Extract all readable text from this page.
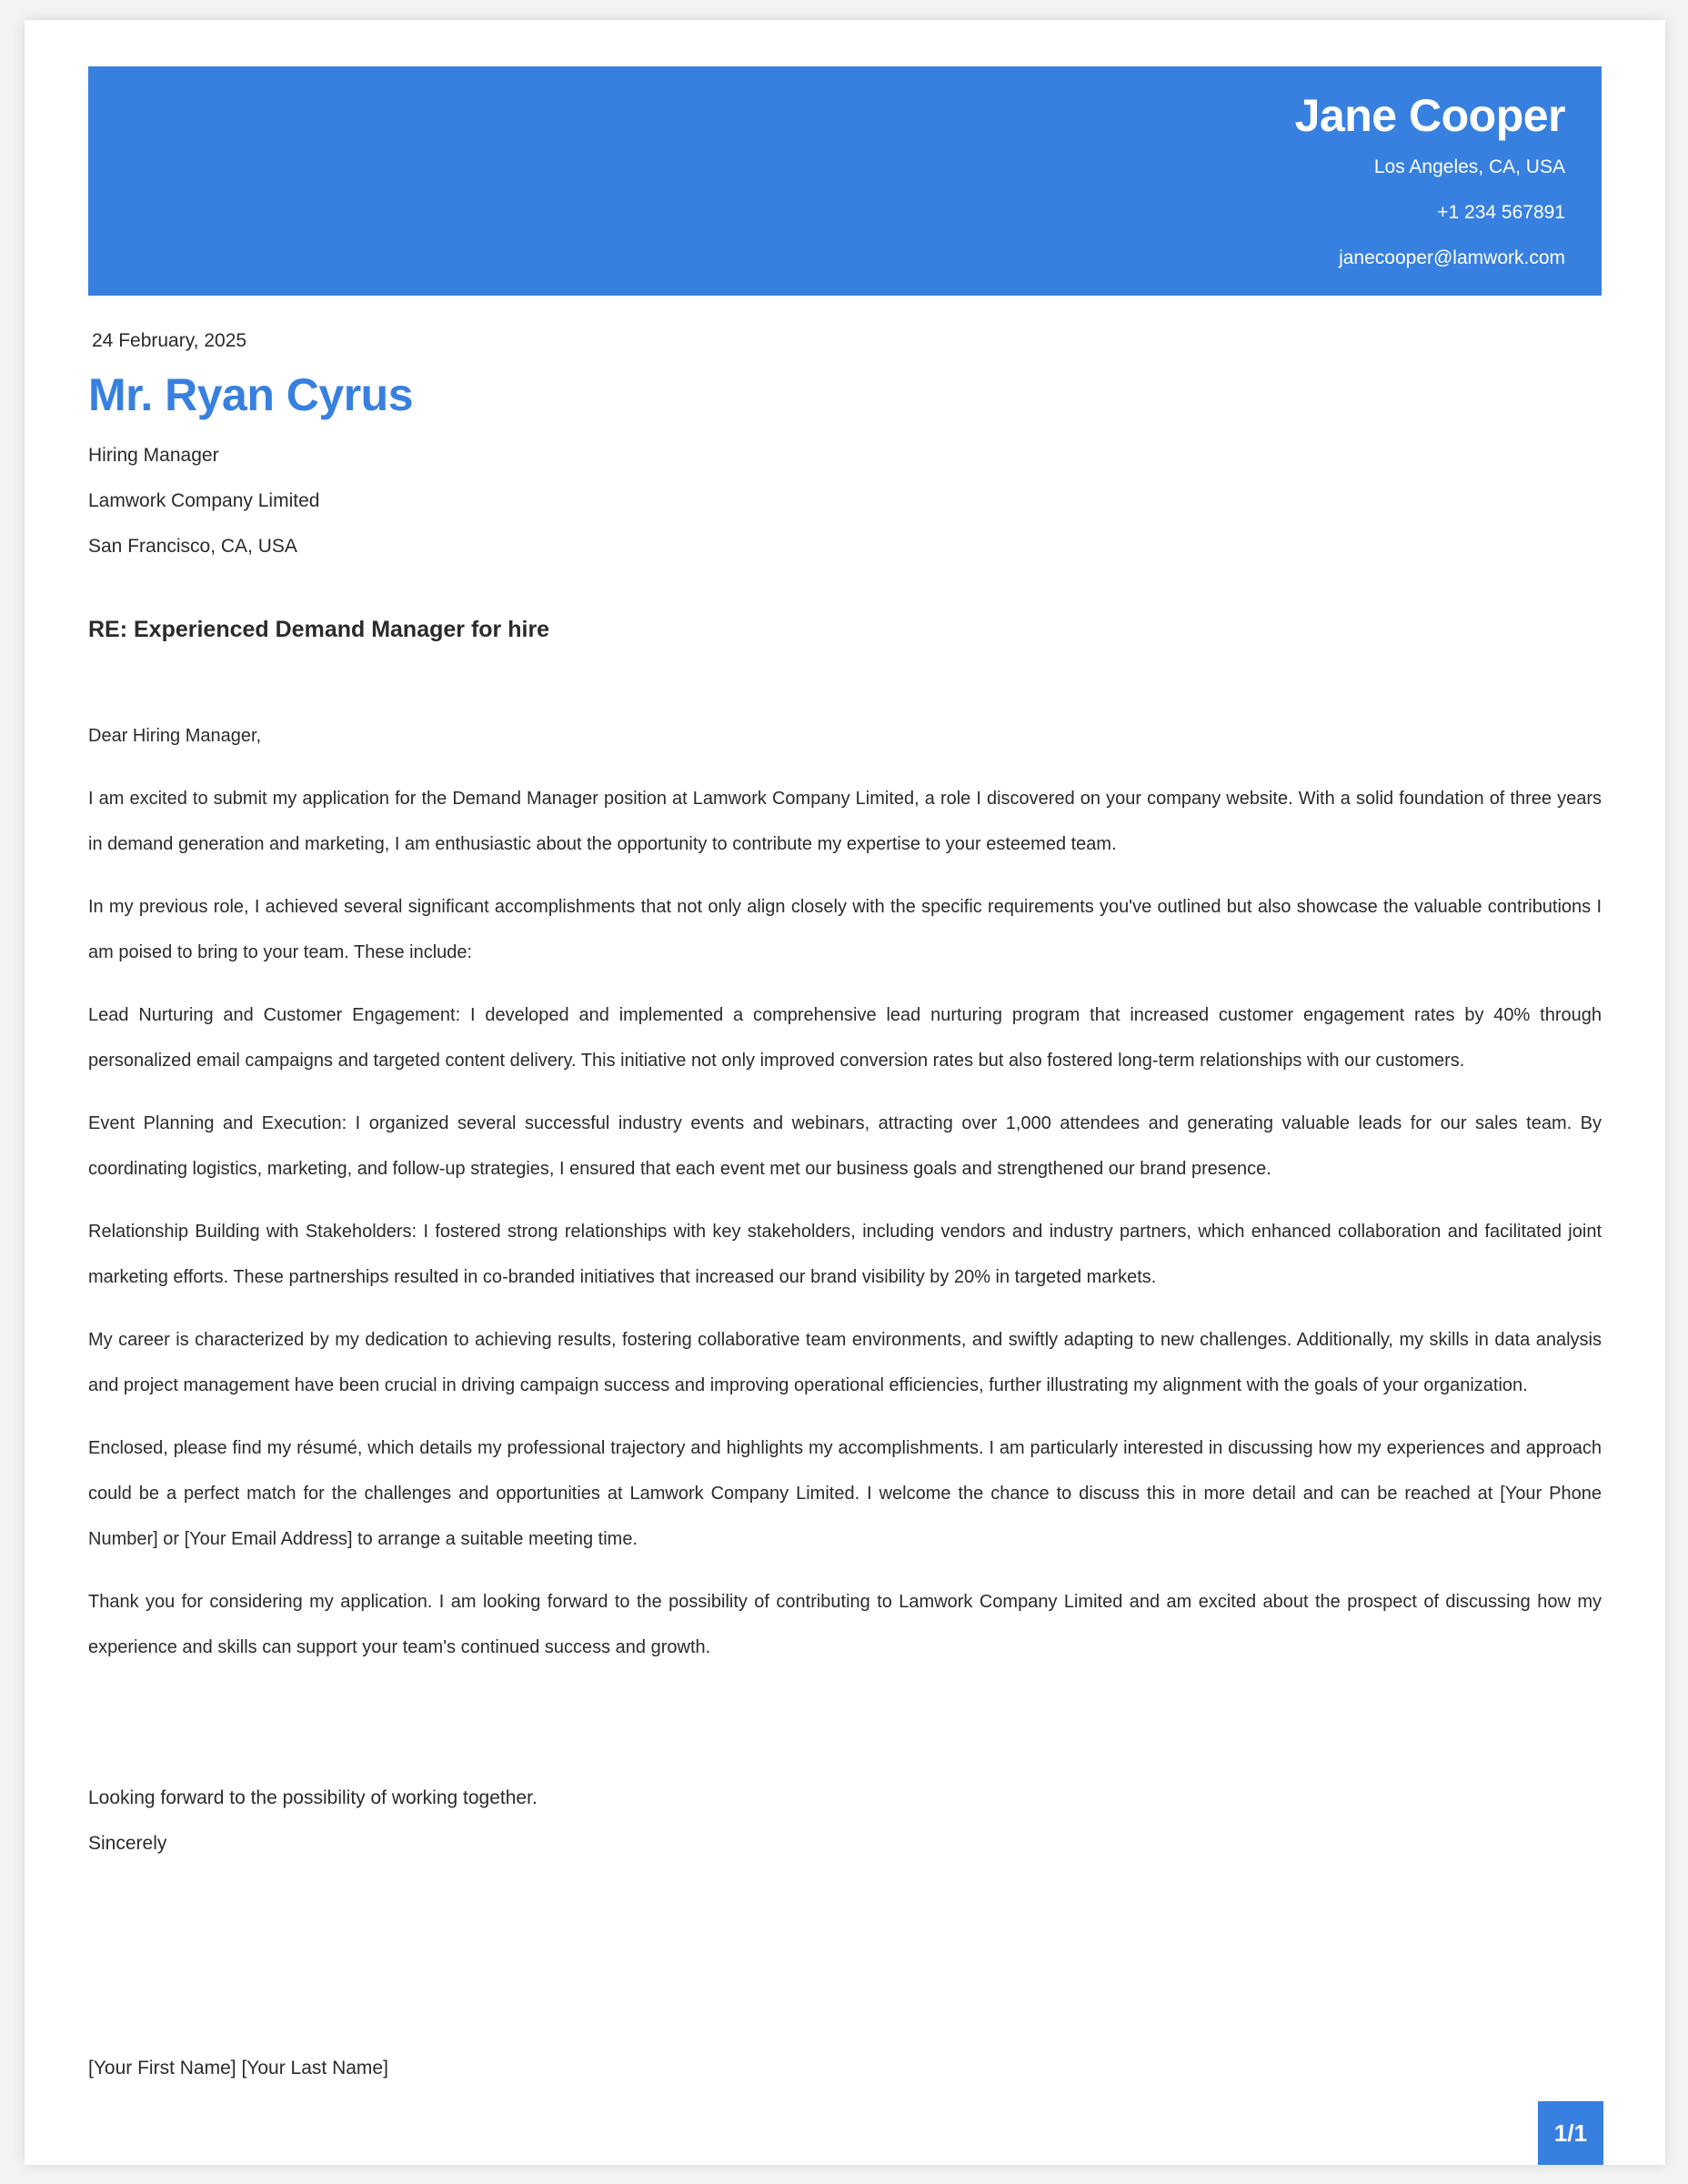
Jane Cooper
Los Angeles, CA, USA
+1 234 567891
janecooper@lamwork.com
24 February, 2025
Mr. Ryan Cyrus
Hiring Manager
Lamwork Company Limited
San Francisco, CA, USA
RE: Experienced Demand Manager for hire

Dear Hiring Manager,

I am excited to submit my application for the Demand Manager position at Lamwork Company Limited, a role I discovered on your company website. With a solid foundation of three years in demand generation and marketing, I am enthusiastic about the opportunity to contribute my expertise to your esteemed team.

In my previous role, I achieved several significant accomplishments that not only align closely with the specific requirements you've outlined but also showcase the valuable contributions I am poised to bring to your team. These include:

Lead Nurturing and Customer Engagement: I developed and implemented a comprehensive lead nurturing program that increased customer engagement rates by 40% through personalized email campaigns and targeted content delivery. This initiative not only improved conversion rates but also fostered long-term relationships with our customers.

Event Planning and Execution: I organized several successful industry events and webinars, attracting over 1,000 attendees and generating valuable leads for our sales team. By coordinating logistics, marketing, and follow-up strategies, I ensured that each event met our business goals and strengthened our brand presence.

Relationship Building with Stakeholders: I fostered strong relationships with key stakeholders, including vendors and industry partners, which enhanced collaboration and facilitated joint marketing efforts. These partnerships resulted in co-branded initiatives that increased our brand visibility by 20% in targeted markets.

My career is characterized by my dedication to achieving results, fostering collaborative team environments, and swiftly adapting to new challenges. Additionally, my skills in data analysis and project management have been crucial in driving campaign success and improving operational efficiencies, further illustrating my alignment with the goals of your organization.

Enclosed, please find my résumé, which details my professional trajectory and highlights my accomplishments. I am particularly interested in discussing how my experiences and approach could be a perfect match for the challenges and opportunities at Lamwork Company Limited. I welcome the chance to discuss this in more detail and can be reached at [Your Phone Number] or [Your Email Address] to arrange a suitable meeting time.

Thank you for considering my application. I am looking forward to the possibility of contributing to Lamwork Company Limited and am excited about the prospect of discussing how my experience and skills can support your team's continued success and growth.

Looking forward to the possibility of working together.
Sincerely
[Your First Name] [Your Last Name]
1/1
